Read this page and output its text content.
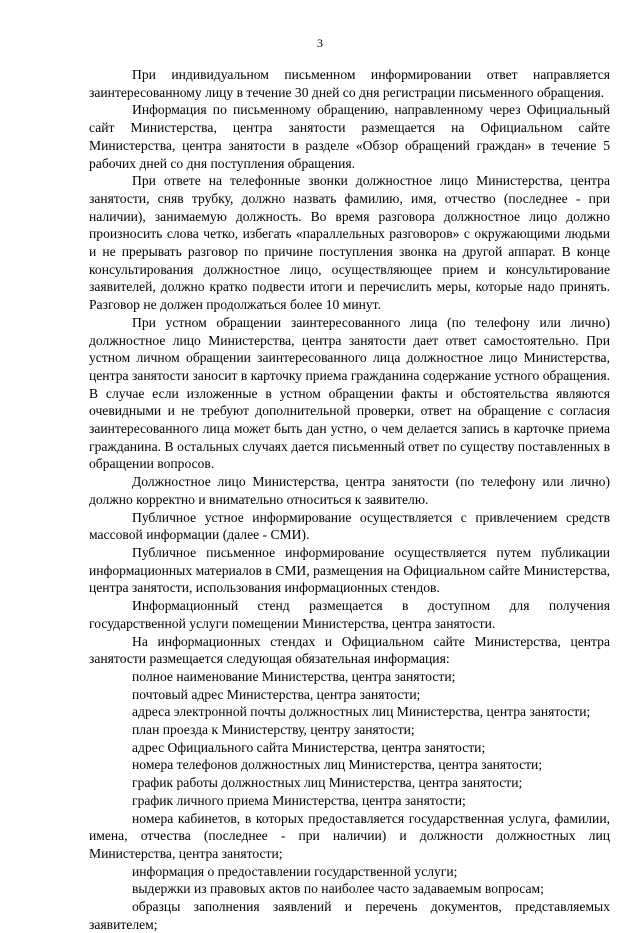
3

При индивидуальном письменном информировании ответ направляется заинтересованному лицу в течение 30 дней со дня регистрации письменного обращения.

Информация по письменному обращению, направленному через Официальный сайт Министерства, центра занятости размещается на Официальном сайте Министерства, центра занятости в разделе «Обзор обращений граждан» в течение 5 рабочих дней со дня поступления обращения.

При ответе на телефонные звонки должностное лицо Министерства, центра занятости, сняв трубку, должно назвать фамилию, имя, отчество (последнее - при наличии), занимаемую должность. Во время разговора должностное лицо должно произносить слова четко, избегать «параллельных разговоров» с окружающими людьми и не прерывать разговор по причине поступления звонка на другой аппарат. В конце консультирования должностное лицо, осуществляющее прием и консультирование заявителей, должно кратко подвести итоги и перечислить меры, которые надо принять. Разговор не должен продолжаться более 10 минут.

При устном обращении заинтересованного лица (по телефону или лично) должностное лицо Министерства, центра занятости дает ответ самостоятельно. При устном личном обращении заинтересованного лица должностное лицо Министерства, центра занятости заносит в карточку приема гражданина содержание устного обращения. В случае если изложенные в устном обращении факты и обстоятельства являются очевидными и не требуют дополнительной проверки, ответ на обращение с согласия заинтересованного лица может быть дан устно, о чем делается запись в карточке приема гражданина. В остальных случаях дается письменный ответ по существу поставленных в обращении вопросов.

Должностное лицо Министерства, центра занятости (по телефону или лично) должно корректно и внимательно относиться к заявителю.

Публичное устное информирование осуществляется с привлечением средств массовой информации (далее - СМИ).

Публичное письменное информирование осуществляется путем публикации информационных материалов в СМИ, размещения на Официальном сайте Министерства, центра занятости, использования информационных стендов.

Информационный стенд размещается в доступном для получения государственной услуги помещении Министерства, центра занятости.

На информационных стендах и Официальном сайте Министерства, центра занятости размещается следующая обязательная информация:

полное наименование Министерства, центра занятости;

почтовый адрес Министерства, центра занятости;

адреса электронной почты должностных лиц Министерства, центра занятости;

план проезда к Министерству, центру занятости;

адрес Официального сайта Министерства, центра занятости;

номера телефонов должностных лиц Министерства, центра занятости;

график работы должностных лиц Министерства, центра занятости;

график личного приема Министерства, центра занятости;

номера кабинетов, в которых предоставляется государственная услуга, фамилии, имена, отчества (последнее - при наличии) и должности должностных лиц Министерства, центра занятости;

информация о предоставлении государственной услуги;

выдержки из правовых актов по наиболее часто задаваемым вопросам;

образцы заполнения заявлений и перечень документов, представляемых заявителем;
